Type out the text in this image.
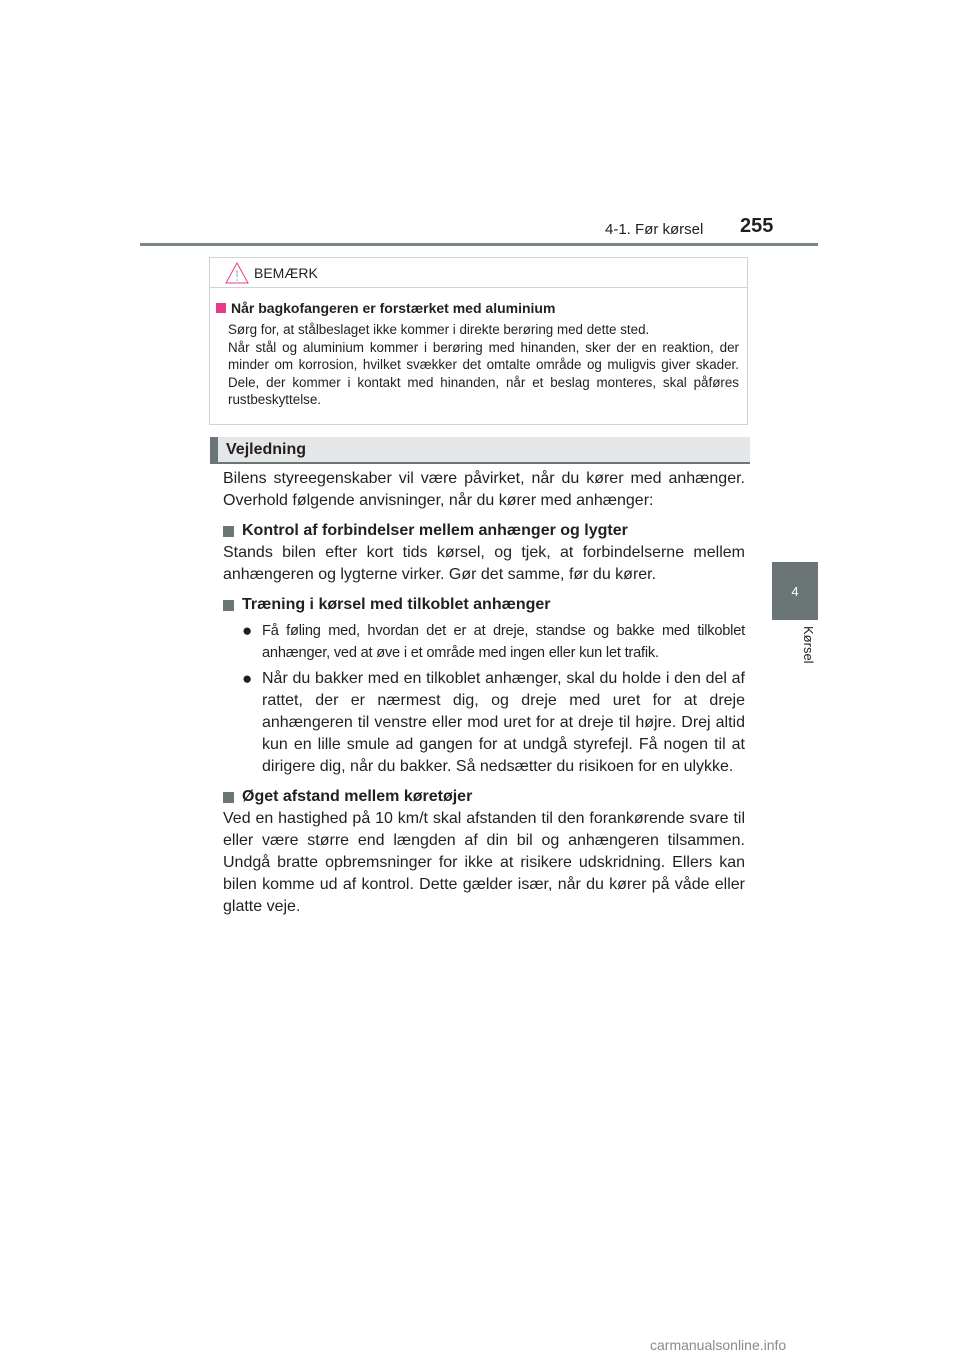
4-1. Før kørsel 255
4
Kørsel
BEMÆRK
Når bagkofangeren er forstærket med aluminium

Sørg for, at stålbeslaget ikke kommer i direkte berøring med dette sted.

Når stål og aluminium kommer i berøring med hinanden, sker der en reaktion, der minder om korrosion, hvilket svækker det omtalte område og muligvis giver skader. Dele, der kommer i kontakt med hinanden, når et beslag monteres, skal påføres rustbeskyttelse.

Vejledning

Bilens styreegenskaber vil være påvirket, når du kører med anhænger. Overhold følgende anvisninger, når du kører med anhænger:

Kontrol af forbindelser mellem anhænger og lygter

Stands bilen efter kort tids kørsel, og tjek, at forbindelserne mellem anhængeren og lygterne virker. Gør det samme, før du kører.

Træning i kørsel med tilkoblet anhænger
● Få føling med, hvordan det er at dreje, standse og bakke med tilkoblet anhænger, ved at øve i et område med ingen eller kun let trafik.
● Når du bakker med en tilkoblet anhænger, skal du holde i den del af rattet, der er nærmest dig, og dreje med uret for at dreje anhængeren til venstre eller mod uret for at dreje til højre. Drej altid kun en lille smule ad gangen for at undgå styrefejl. Få nogen til at dirigere dig, når du bakker. Så nedsætter du risikoen for en ulykke.
Øget afstand mellem køretøjer

Ved en hastighed på 10 km/t skal afstanden til den forankørende svare til eller være større end længden af din bil og anhængeren tilsammen. Undgå bratte opbremsninger for ikke at risikere udskridning. Ellers kan bilen komme ud af kontrol. Dette gælder især, når du kører på våde eller glatte veje.

carmanualsonline.info
